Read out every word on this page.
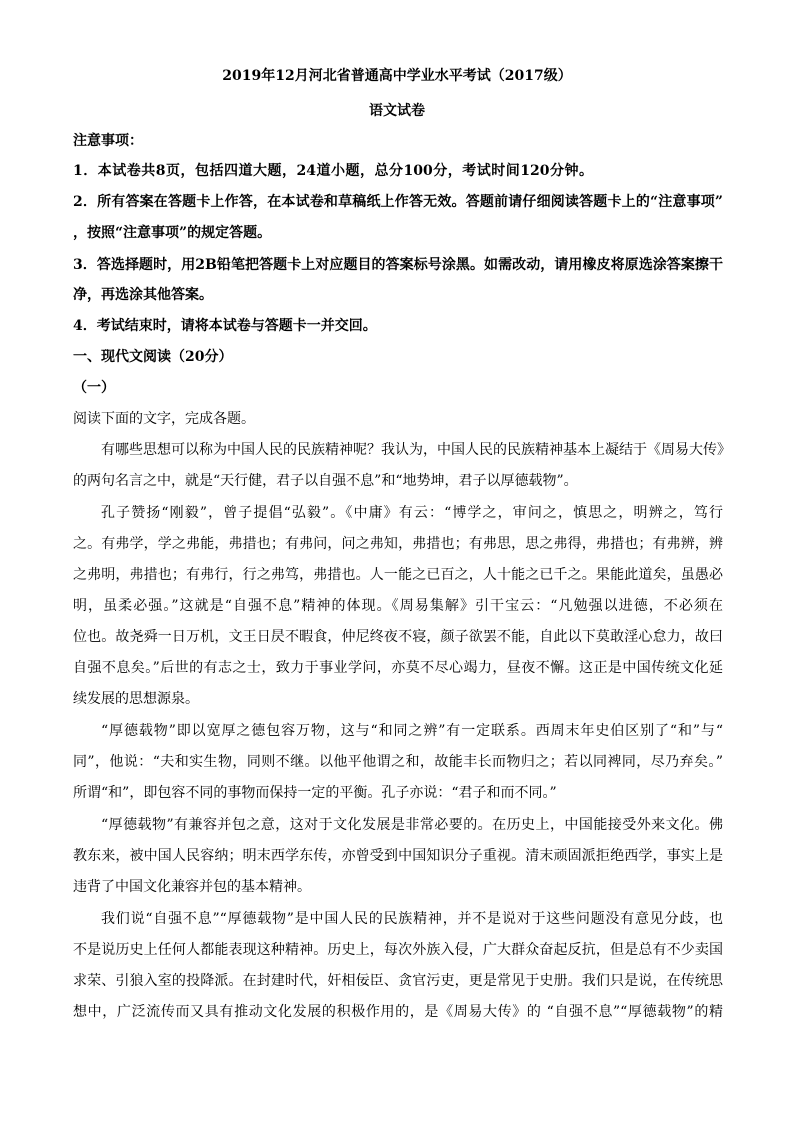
2019年12月河北省普通高中学业水平考试（2017级）
语文试卷
注意事项：
1．本试卷共8页，包括四道大题，24道小题，总分100分，考试时间120分钟。
2．所有答案在答题卡上作答，在本试卷和草稿纸上作答无效。答题前请仔细阅读答题卡上的“注意事项”
，按照“注意事项”的规定答题。
3．答选择题时，用2B铅笔把答题卡上对应题目的答案标号涂黑。如需改动，请用橡皮将原选涂答案擦干
净，再选涂其他答案。
4．考试结束时，请将本试卷与答题卡一并交回。
一、现代文阅读（20分）
（一）
阅读下面的文字，完成各题。
有哪些思想可以称为中国人民的民族精神呢？我认为，中国人民的民族精神基本上凝结于《周易大传》
的两句名言之中，就是“天行健，君子以自强不息”和“地势坤，君子以厚德载物”。
孔子赞扬“刚毅”，曾子提倡“弘毅”。《中庸》有云：“博学之，审问之，慎思之，明辨之，笃行
之。有弗学，学之弗能，弗措也；有弗问，问之弗知，弗措也；有弗思，思之弗得，弗措也；有弗辨，辨
之弗明，弗措也；有弗行，行之弗笃，弗措也。人一能之已百之，人十能之已千之。果能此道矣，虽愚必
明，虽柔必强。”这就是“自强不息”精神的体现。《周易集解》引干宝云：“凡勉强以进德，不必须在
位也。故尧舜一日万机，文王日昃不暇食，仲尼终夜不寝，颜子欲罢不能，自此以下莫敢淫心怠力，故曰
自强不息矣。”后世的有志之士，致力于事业学问，亦莫不尽心竭力，昼夜不懈。这正是中国传统文化延
续发展的思想源泉。
“厚德载物”即以宽厚之德包容万物，这与“和同之辨”有一定联系。西周末年史伯区别了“和”与“
同”，他说：“夫和实生物，同则不继。以他平他谓之和，故能丰长而物归之；若以同裨同，尽乃弃矣。”
所谓“和”，即包容不同的事物而保持一定的平衡。孔子亦说：“君子和而不同。”
“厚德载物”有兼容并包之意，这对于文化发展是非常必要的。在历史上，中国能接受外来文化。佛
教东来，被中国人民容纳；明末西学东传，亦曾受到中国知识分子重视。清末顽固派拒绝西学，事实上是
违背了中国文化兼容并包的基本精神。
我们说“自强不息”“厚德载物”是中国人民的民族精神，并不是说对于这些问题没有意见分歧，也
不是说历史上任何人都能表现这种精神。历史上，每次外族入侵，广大群众奋起反抗，但是总有不少卖国
求荣、引狼入室的投降派。在封建时代，奸相佞臣、贪官污吏，更是常见于史册。我们只是说，在传统思
想中，广泛流传而又具有推动文化发展的积极作用的，是《周易大传》的 “自强不息”“厚德载物”的精
